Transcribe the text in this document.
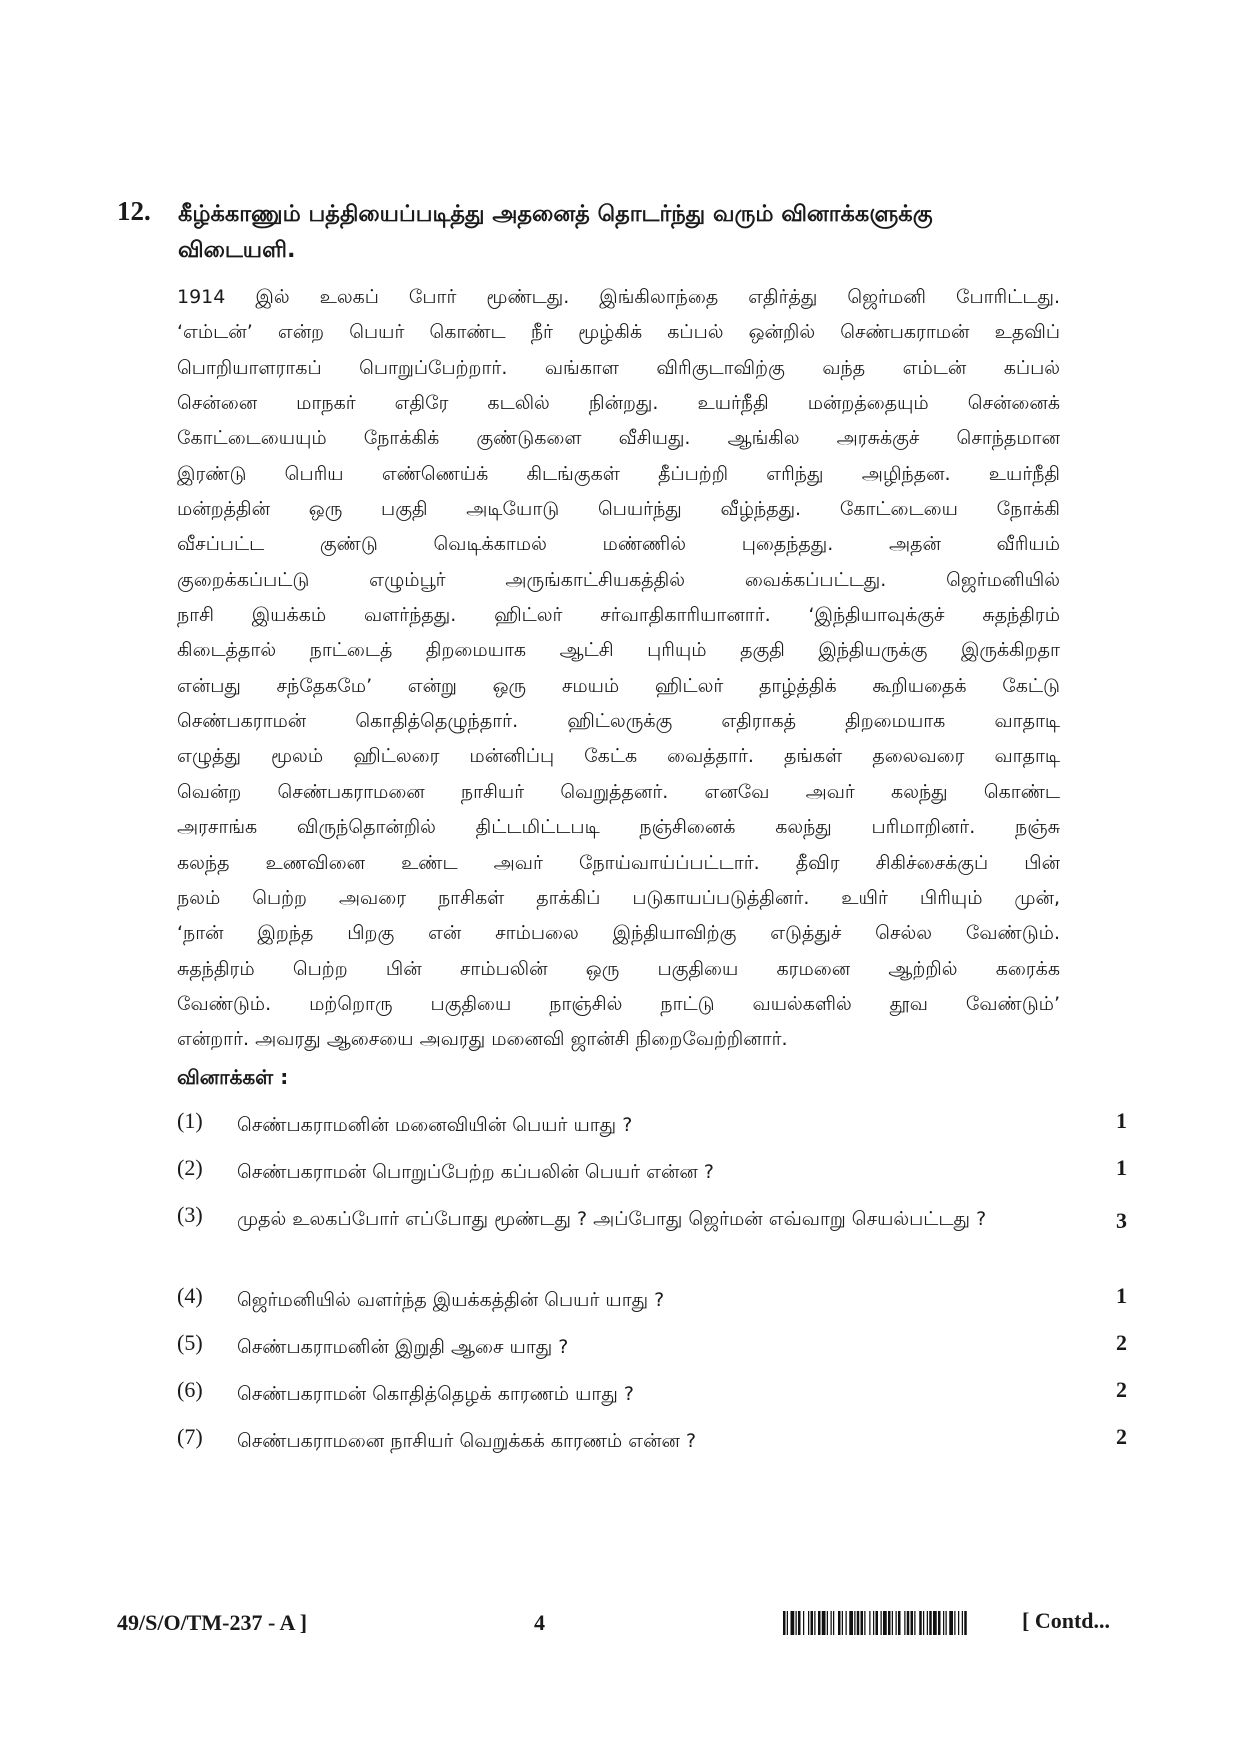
12. கீழ்க்காணும் பத்தியைப்படித்து அதனைத் தொடர்ந்து வரும் வினாக்களுக்கு
விடையளி.
1914 இல் உலகப் போர் மூண்டது. இங்கிலாந்தை எதிர்த்து ஜெர்மனி போரிட்டது.
‘எம்டன்’ என்ற பெயர் கொண்ட நீர் மூழ்கிக் கப்பல் ஒன்றில் செண்பகராமன் உதவிப்
பொறியாளராகப் பொறுப்பேற்றார். வங்காள விரிகுடாவிற்கு வந்த எம்டன் கப்பல்
சென்னை மாநகர் எதிரே கடலில் நின்றது. உயர்நீதி மன்றத்தையும் சென்னைக்
கோட்டையையும் நோக்கிக் குண்டுகளை வீசியது. ஆங்கில அரசுக்குச் சொந்தமான
இரண்டு பெரிய எண்ணெய்க் கிடங்குகள் தீப்பற்றி எரிந்து அழிந்தன. உயர்நீதி
மன்றத்தின் ஒரு பகுதி அடியோடு பெயர்ந்து வீழ்ந்தது. கோட்டையை நோக்கி
வீசப்பட்ட குண்டு வெடிக்காமல் மண்ணில் புதைந்தது. அதன் வீரியம்
குறைக்கப்பட்டு எழும்பூர் அருங்காட்சியகத்தில் வைக்கப்பட்டது. ஜெர்மனியில்
நாசி இயக்கம் வளர்ந்தது. ஹிட்லர் சர்வாதிகாரியானார். ‘இந்தியாவுக்குச் சுதந்திரம்
கிடைத்தால் நாட்டைத் திறமையாக ஆட்சி புரியும் தகுதி இந்தியருக்கு இருக்கிறதா
என்பது சந்தேகமே’ என்று ஒரு சமயம் ஹிட்லர் தாழ்த்திக் கூறியதைக் கேட்டு
செண்பகராமன் கொதித்தெழுந்தார். ஹிட்லருக்கு எதிராகத் திறமையாக வாதாடி
எழுத்து மூலம் ஹிட்லரை மன்னிப்பு கேட்க வைத்தார். தங்கள் தலைவரை வாதாடி
வென்ற செண்பகராமனை நாசியர் வெறுத்தனர். எனவே அவர் கலந்து கொண்ட
அரசாங்க விருந்தொன்றில் திட்டமிட்டபடி நஞ்சினைக் கலந்து பரிமாறினர். நஞ்சு
கலந்த உணவினை உண்ட அவர் நோய்வாய்ப்பட்டார். தீவிர சிகிச்சைக்குப் பின்
நலம் பெற்ற அவரை நாசிகள் தாக்கிப் படுகாயப்படுத்தினர். உயிர் பிரியும் முன்,
‘நான் இறந்த பிறகு என் சாம்பலை இந்தியாவிற்கு எடுத்துச் செல்ல வேண்டும்.
சுதந்திரம் பெற்ற பின் சாம்பலின் ஒரு பகுதியை கரமனை ஆற்றில் கரைக்க
வேண்டும். மற்றொரு பகுதியை நாஞ்சில் நாட்டு வயல்களில் தூவ வேண்டும்’
என்றார். அவரது ஆசையை அவரது மனைவி ஜான்சி நிறைவேற்றினார்.
வினாக்கள் :
(1) செண்பகராமனின் மனைவியின் பெயர் யாது ?	1
(2) செண்பகராமன் பொறுப்பேற்ற கப்பலின் பெயர் என்ன ?	1
(3) முதல் உலகப்போர் எப்போது மூண்டது ? அப்போது ஜெர்மன் எவ்வாறு செயல்பட்டது ?	3
(4) ஜெர்மனியில் வளர்ந்த இயக்கத்தின் பெயர் யாது ?	1
(5) செண்பகராமனின் இறுதி ஆசை யாது ?	2
(6) செண்பகராமன் கொதித்தெழக் காரணம் யாது ?	2
(7) செண்பகராமனை நாசியர் வெறுக்கக் காரணம் என்ன ?	2
49/S/O/TM-237 - A ]	4	[ Contd...
